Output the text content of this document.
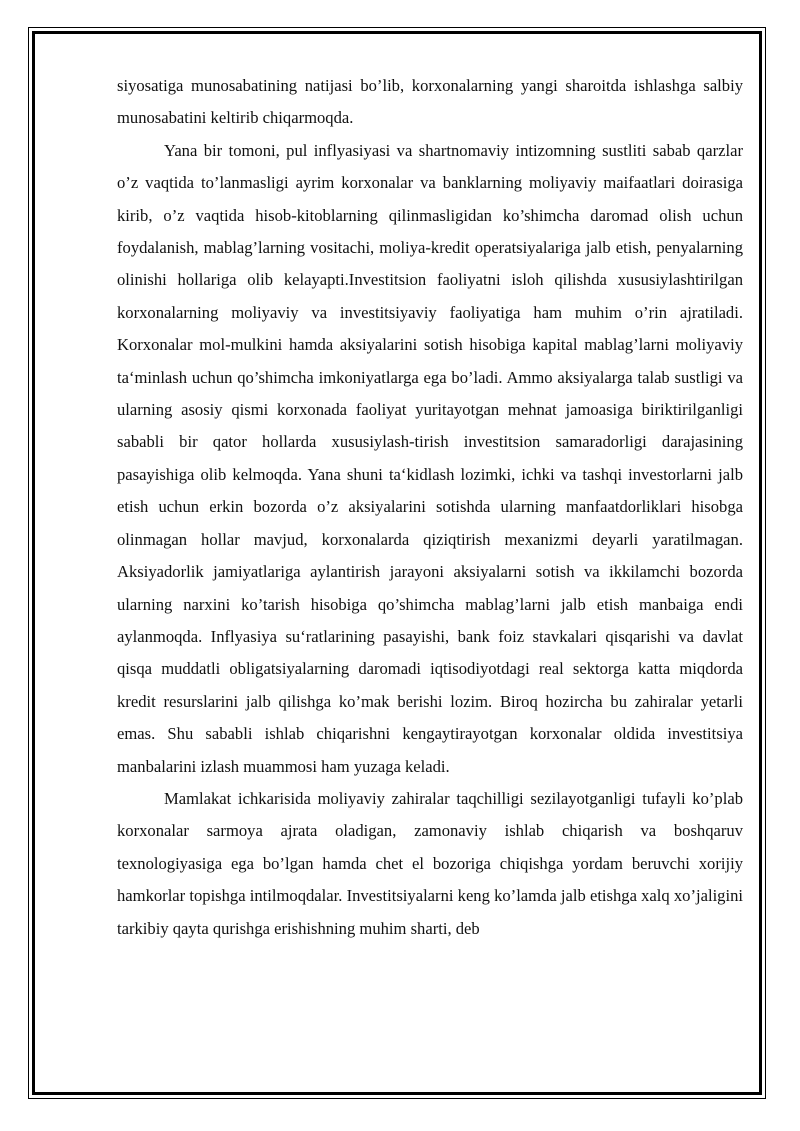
siyosatiga munosabatining natijasi bo’lib, korxonalarning yangi sharoitda ishlashga salbiy munosabatini keltirib chiqarmoqda.

Yana bir tomoni, pul inflyasiyasi va shartnomaviy intizomning sustliti sabab qarzlar o’z vaqtida to’lanmasligi ayrim korxonalar va banklarning moliyaviy maifaatlari doirasiga kirib, o’z vaqtida hisob-kitoblarning qilinmasligidan ko’shimcha daromad olish uchun foydalanish, mablag’larning vositachi, moliya-kredit operatsiyalariga jalb etish, penyalarning olinishi hollariga olib kelayapti.Investitsion faoliyatni isloh qilishda xususiylashtirilgan korxonalarning moliyaviy va investitsiyaviy faoliyatiga ham muhim o’rin ajratiladi. Korxonalar mol-mulkini hamda aksiyalarini sotish hisobiga kapital mablag’larni moliyaviy ta‘minlash uchun qo’shimcha imkoniyatlarga ega bo’ladi. Ammo aksiyalarga talab sustligi va ularning asosiy qismi korxonada faoliyat yuritayotgan mehnat jamoasiga biriktirilganligi sababli bir qator hollarda xususiylash-tirish investitsion samaradorligi darajasining pasayishiga olib kelmoqda. Yana shuni ta‘kidlash lozimki, ichki va tashqi investorlarni jalb etish uchun erkin bozorda o’z aksiyalarini sotishda ularning manfaatdorliklari hisobga olinmagan hollar mavjud, korxonalarda qiziqtirish mexanizmi deyarli yaratilmagan. Aksiyadorlik jamiyatlariga aylantirish jarayoni aksiyalarni sotish va ikkilamchi bozorda ularning narxini ko’tarish hisobiga qo’shimcha mablag’larni jalb etish manbaiga endi aylanmoqda. Inflyasiya su‘ratlarining pasayishi, bank foiz stavkalari qisqarishi va davlat qisqa muddatli obligatsiyalarning daromadi iqtisodiyotdagi real sektorga katta miqdorda kredit resurslarini jalb qilishga ko’mak berishi lozim. Biroq hozircha bu zahiralar yetarli emas. Shu sababli ishlab chiqarishni kengaytirayotgan korxonalar oldida investitsiya manbalarini izlash muammosi ham yuzaga keladi.

Mamlakat ichkarisida moliyaviy zahiralar taqchilligi sezilayotganligi tufayli ko’plab korxonalar sarmoya ajrata oladigan, zamonaviy ishlab chiqarish va boshqaruv texnologiyasiga ega bo’lgan hamda chet el bozoriga chiqishga yordam beruvchi xorijiy hamkorlar topishga intilmoqdalar. Investitsiyalarni keng ko’lamda jalb etishga xalq xo’jaligini tarkibiy qayta qurishga erishishning muhim sharti, deb
